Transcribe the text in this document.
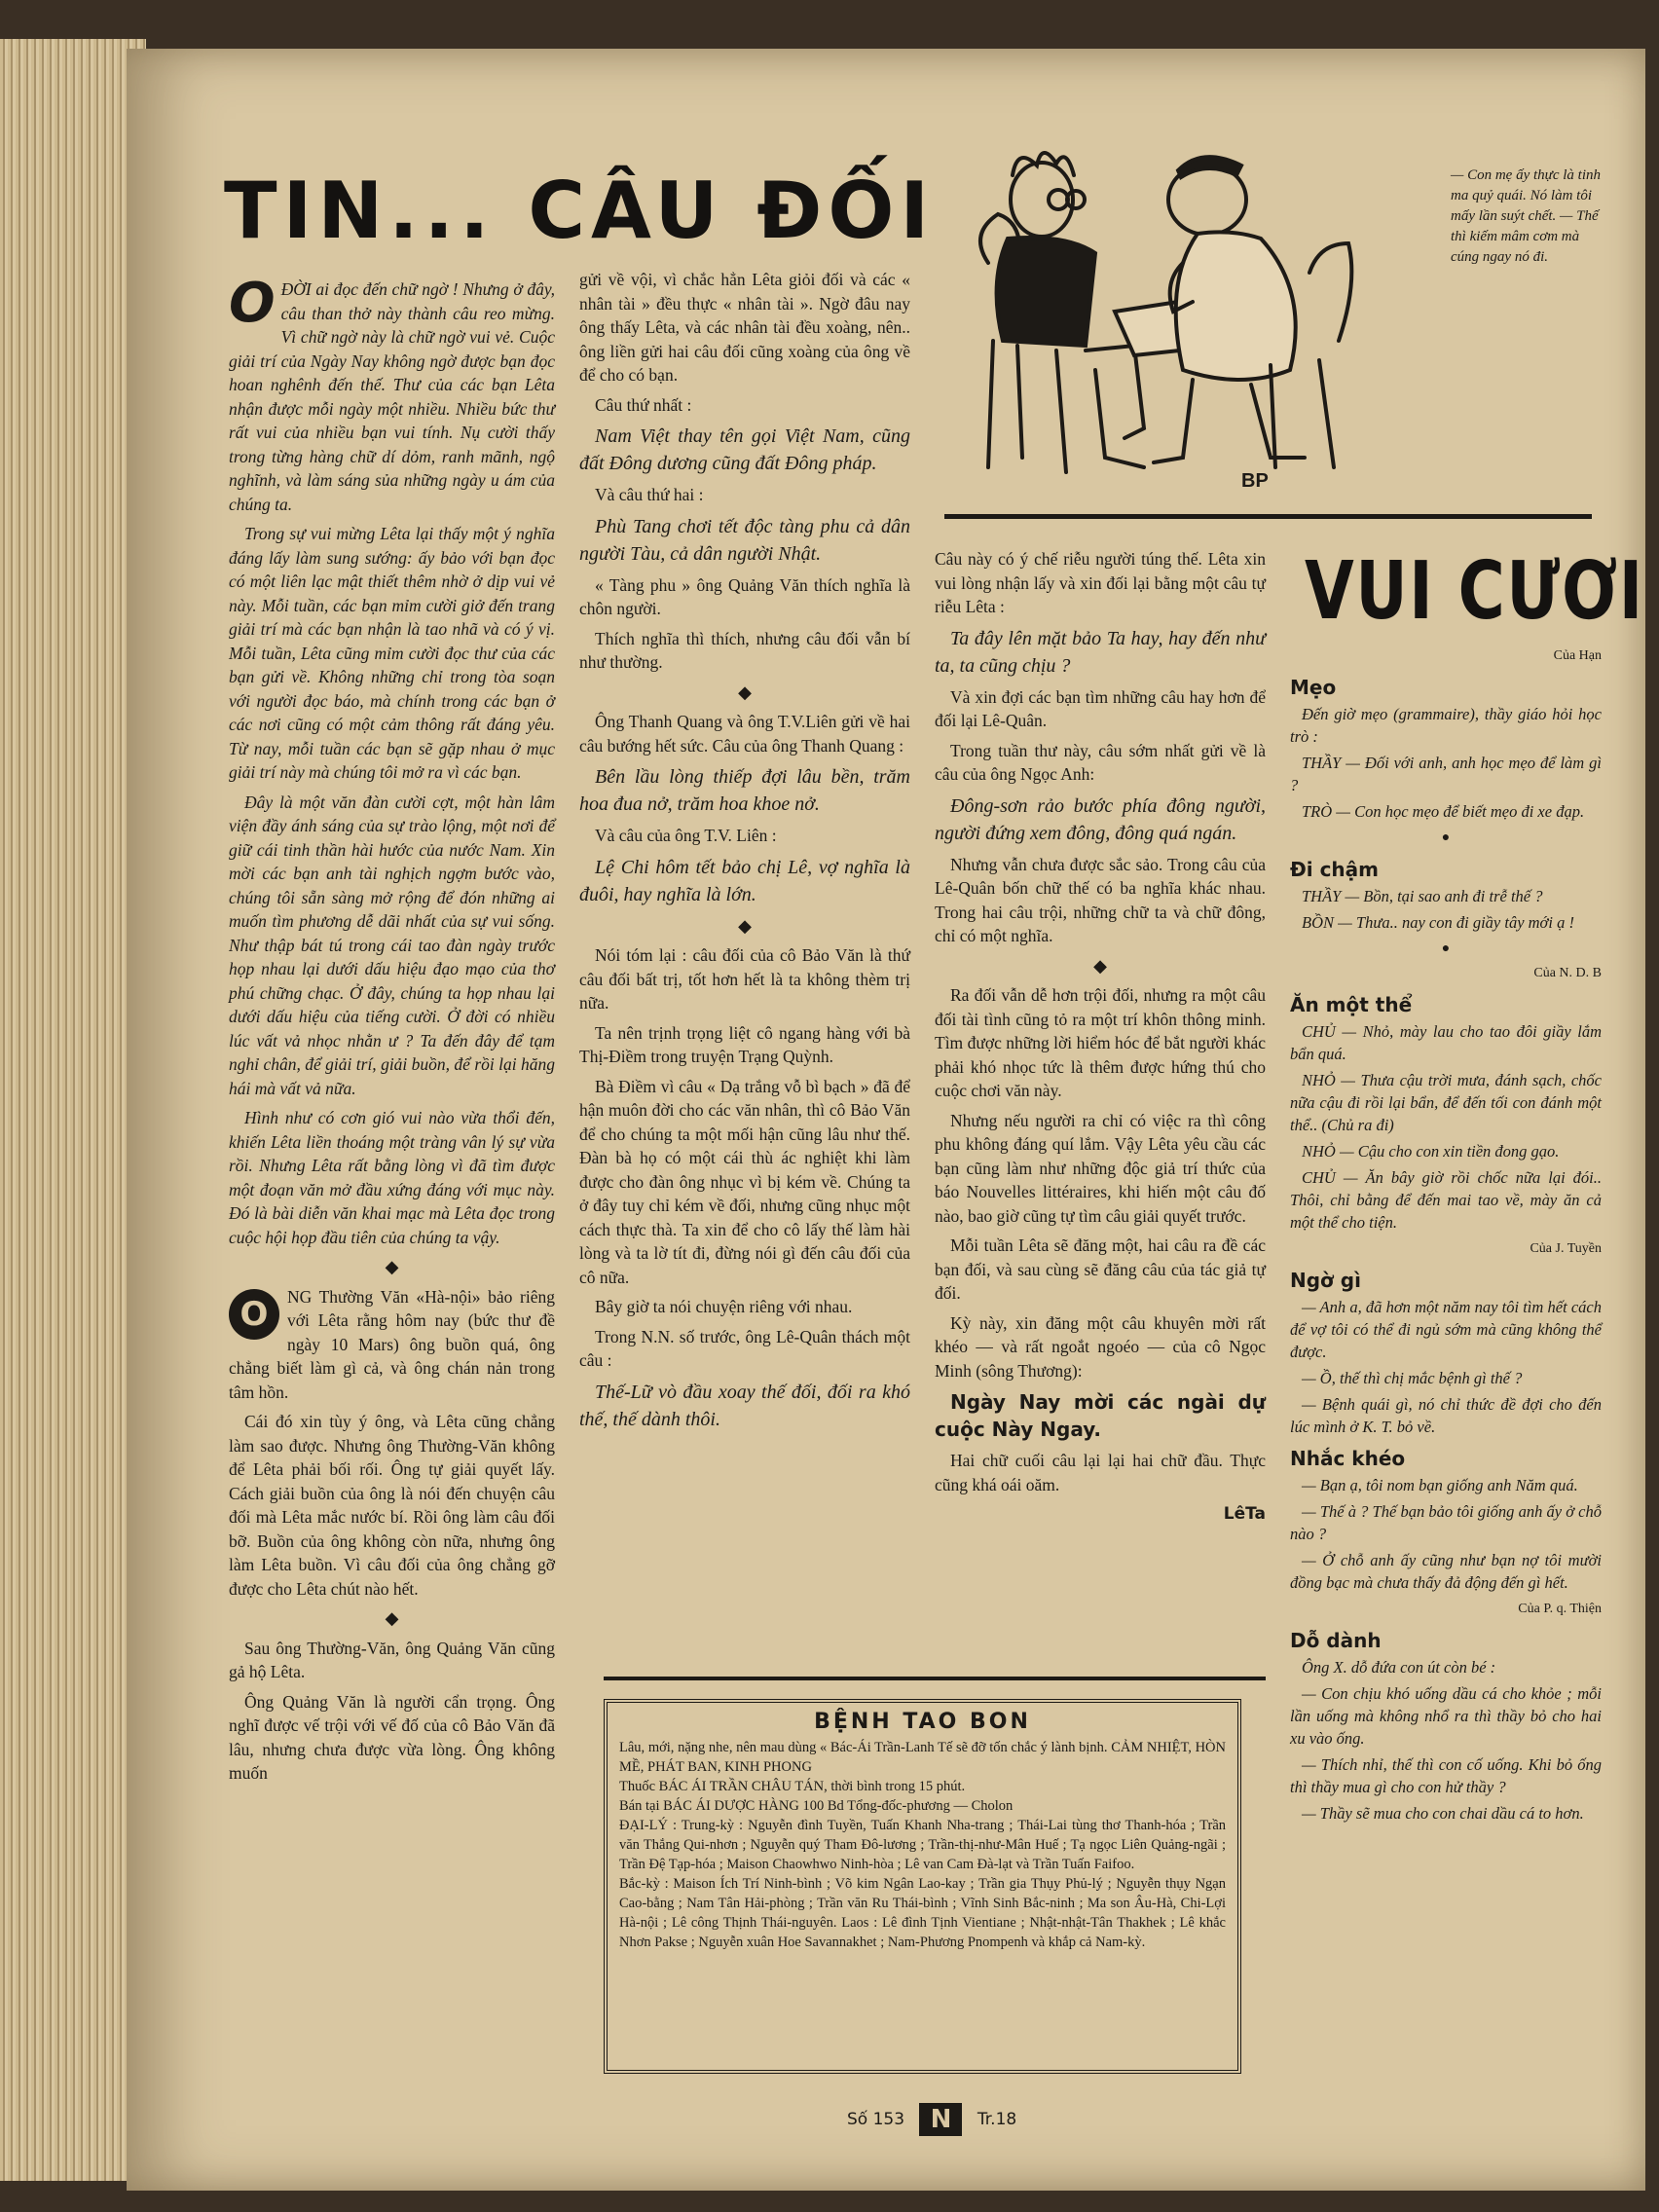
TIN... CÂU ĐỐI

OĐỜI ai đọc đến chữ ngờ ! Nhưng ở đây, câu than thở này thành câu reo mừng. Vì chữ ngờ này là chữ ngờ vui vẻ. Cuộc giải trí của Ngày Nay không ngờ được bạn đọc hoan nghênh đến thế. Thư của các bạn Lêta nhận được mỗi ngày một nhiều. Nhiều bức thư rất vui của nhiều bạn vui tính. Nụ cười thấy trong từng hàng chữ dí dỏm, ranh mãnh, ngộ nghĩnh, và làm sáng sủa những ngày u ám của chúng ta.

Trong sự vui mừng Lêta lại thấy một ý nghĩa đáng lấy làm sung sướng: ấy bảo với bạn đọc có một liên lạc mật thiết thêm nhờ ở dịp vui vẻ này. Mỗi tuần, các bạn mỉm cười giở đến trang giải trí mà các bạn nhận là tao nhã và có ý vị. Mỗi tuần, Lêta cũng mỉm cười đọc thư của các bạn gửi về. Không những chỉ trong tòa soạn với người đọc báo, mà chính trong các bạn ở các nơi cũng có một cảm thông rất đáng yêu. Từ nay, mỗi tuần các bạn sẽ gặp nhau ở mục giải trí này mà chúng tôi mở ra vì các bạn.

Đây là một văn đàn cười cợt, một hàn lâm viện đầy ánh sáng của sự trào lộng, một nơi để giữ cái tinh thần hài hước của nước Nam. Xin mời các bạn anh tài nghịch ngợm bước vào, chúng tôi sẵn sàng mở rộng để đón những ai muốn tìm phương dễ dãi nhất của sự vui sống. Như thập bát tú trong cái tao đàn ngày trước họp nhau lại dưới dấu hiệu đạo mạo của thơ phú chững chạc. Ở đây, chúng ta họp nhau lại dưới dấu hiệu của tiếng cười. Ở đời có nhiều lúc vất vả nhọc nhằn ư ? Ta đến đây để tạm nghỉ chân, để giải trí, giải buồn, để rồi lại hăng hái mà vất vả nữa.

Hình như có cơn gió vui nào vừa thổi đến, khiến Lêta liền thoáng một tràng vân lý sự vừa rồi. Nhưng Lêta rất bằng lòng vì đã tìm được một đoạn văn mở đầu xứng đáng với mục này. Đó là bài diễn văn khai mạc mà Lêta đọc trong cuộc hội họp đầu tiên của chúng ta vậy.

◆

O	NG Thường Văn «Hà-nội» bảo riêng với Lêta rằng hôm nay (bức thư đề ngày 10 Mars) ông buồn quá, ông chẳng biết làm gì cả, và ông chán nản trong tâm hồn.

Cái đó xin tùy ý ông, và Lêta cũng chẳng làm sao được. Nhưng ông Thường-Văn không để Lêta phải bối rối. Ông tự giải quyết lấy. Cách giải buồn của ông là nói đến chuyện câu đối mà Lêta mắc nước bí. Rồi ông làm câu đối bỡ. Buồn của ông không còn nữa, nhưng ông làm Lêta buồn. Vì câu đối của ông chẳng gỡ được cho Lêta chút nào hết.

◆

Sau ông Thường-Văn, ông Quảng Văn cũng gả hộ Lêta.

Ông Quảng Văn là người cẩn trọng. Ông nghĩ được vế trội với vế đố của cô Bảo Văn đã lâu, nhưng chưa được vừa lòng. Ông không muốn

gửi về vội, vì chắc hẳn Lêta giỏi đối và các « nhân tài » đều thực « nhân tài ». Ngờ đâu nay ông thấy Lêta, và các nhân tài đều xoàng, nên.. ông liền gửi hai câu đối cũng xoàng của ông về để cho có bạn.

Câu thứ nhất :

Nam Việt thay tên gọi Việt Nam, cũng đất Đông dương cũng đất Đông pháp.

Và câu thứ hai :

Phù Tang chơi tết độc tàng phu cả dân người Tàu, cả dân người Nhật.

« Tàng phu » ông Quảng Văn thích nghĩa là chôn người.

Thích nghĩa thì thích, nhưng câu đối vẫn bí như thường.

◆

Ông Thanh Quang và ông T.V.Liên gửi về hai câu bướng hết sức. Câu của ông Thanh Quang :

Bên lầu lòng thiếp đợi lâu bền, trăm hoa đua nở, trăm hoa khoe nở.

Và câu của ông T.V. Liên :

Lệ Chi hôm tết bảo chị Lê, vợ nghĩa là đuôi, hay nghĩa là lớn.

◆

Nói tóm lại : câu đối của cô Bảo Văn là thứ câu đối bất trị, tốt hơn hết là ta không thèm trị nữa.

Ta nên trịnh trọng liệt cô ngang hàng với bà Thị-Điềm trong truyện Trạng Quỳnh.

Bà Điềm vì câu « Dạ trắng vỗ bì bạch » đã để hận muôn đời cho các văn nhân, thì cô Bảo Văn để cho chúng ta một mối hận cũng lâu như thế. Đàn bà họ có một cái thù ác nghiệt khi làm được cho đàn ông nhục vì bị kém về. Chúng ta ở đây tuy chỉ kém về đối, nhưng cũng nhục một cách thực thà. Ta xin để cho cô lấy thế làm hài lòng và ta lờ tít đi, đừng nói gì đến câu đối của cô nữa.

Bây giờ ta nói chuyện riêng với nhau.

Trong N.N. số trước, ông Lê-Quân thách một câu :

Thế-Lữ vò đầu xoay thế đối, đối ra khó thế, thế dành thôi.

BP
— Con mẹ ấy thực là tinh ma quỷ quái. Nó làm tôi mấy lần suýt chết. — Thế thì kiếm mâm cơm mà cúng ngay nó đi.

Câu này có ý chế riễu người túng thế. Lêta xin vui lòng nhận lấy và xin đối lại bằng một câu tự riễu Lêta :

Ta đây lên mặt bảo Ta hay, hay đến như ta, ta cũng chịu ?

Và xin đợi các bạn tìm những câu hay hơn để đối lại Lê-Quân.

Trong tuần thư này, câu sớm nhất gửi về là câu của ông Ngọc Anh:

Đông-sơn rảo bước phía đông người, người đứng xem đông, đông quá ngán.

Nhưng vẫn chưa được sắc sảo. Trong câu của Lê-Quân bốn chữ thế có ba nghĩa khác nhau. Trong hai câu trội, những chữ ta và chữ đông, chỉ có một nghĩa.

◆

Ra đối vẫn dễ hơn trội đối, nhưng ra một câu đối tài tình cũng tỏ ra một trí khôn thông minh. Tìm được những lời hiểm hóc để bắt người khác phải khó nhọc tức là thêm được hứng thú cho cuộc chơi văn này.

Nhưng nếu người ra chỉ có việc ra thì công phu không đáng quí lắm. Vậy Lêta yêu cầu các bạn cũng làm như những độc giả trí thức của báo Nouvelles littéraires, khi hiến một câu đố nào, bao giờ cũng tự tìm câu giải quyết trước.

Mỗi tuần Lêta sẽ đăng một, hai câu ra đề các bạn đối, và sau cùng sẽ đăng câu của tác giả tự đối.

Kỳ này, xin đăng một câu khuyên mời rất khéo — và rất ngoắt ngoéo — của cô Ngọc Minh (sông Thương):

Ngày Nay mời các ngài dự cuộc Này Ngay.

Hai chữ cuối câu lại lại hai chữ đầu. Thực cũng khá oái oăm.

LêTa
VUI CƯƠI
Của Hạn
Mẹo

Đến giờ mẹo (grammaire), thầy giáo hỏi học trò :

THẦY — Đối với anh, anh học mẹo để làm gì ?

TRÒ — Con học mẹo để biết mẹo đi xe đạp.

●
Đi chậm

THẦY — Bồn, tại sao anh đi trễ thế ?

BỒN — Thưa.. nay con đi giầy tây mới ạ !

●
Của N. D. B
Ăn một thể

CHỦ — Nhỏ, mày lau cho tao đôi giầy lắm bẩn quá.

NHỎ — Thưa cậu trời mưa, đánh sạch, chốc nữa cậu đi rồi lại bẩn, để đến tối con đánh một thể.. (Chủ ra đi)

NHỎ — Cậu cho con xin tiền đong gạo.

CHỦ — Ăn bây giờ rồi chốc nữa lại đói.. Thôi, chỉ bằng để đến mai tao về, mày ăn cả một thể cho tiện.

Của J. Tuyền
Ngờ gì

— Anh a, đã hơn một năm nay tôi tìm hết cách để vợ tôi có thể đi ngủ sớm mà cũng không thể được.

— Ồ, thế thì chị mắc bệnh gì thế ?

— Bệnh quái gì, nó chỉ thức đề đợi cho đến lúc mình ở K. T. bỏ về.

Nhắc khéo

— Bạn ạ, tôi nom bạn giống anh Năm quá.

— Thế à ? Thế bạn bảo tôi giống anh ấy ở chỗ nào ?

— Ở chỗ anh ấy cũng như bạn nợ tôi mười đồng bạc mà chưa thấy đả động đến gì hết.

Của P. q. Thiện
Dỗ dành

Ông X. dỗ đứa con út còn bé :

— Con chịu khó uống dầu cá cho khỏe ; mỗi lần uống mà không nhổ ra thì thầy bỏ cho hai xu vào ống.

— Thích nhỉ, thế thì con cố uống. Khi bỏ ống thì thầy mua gì cho con hử thầy ?

— Thầy sẽ mua cho con chai dầu cá to hơn.

BỆNH TAO BON

Lâu, mới, nặng nhe, nên mau dùng « Bác-Ái Trần-Lanh Tế sẽ đỡ tốn chắc ý lành bịnh. CẢM NHIỆT, HÒN MỀ, PHÁT BAN, KINH PHONG

Thuốc BÁC ÁI TRẦN CHÂU TÁN, thời bình trong 15 phút.

Bán tại BÁC ÁI DƯỢC HÀNG 100 Bd Tổng-đốc-phương — Cholon

ĐẠI-LÝ : Trung-kỳ : Nguyễn đình Tuyền, Tuấn Khanh Nha-trang ; Thái-Lai tùng thơ Thanh-hóa ; Trần văn Thắng Qui-nhơn ; Nguyễn quý Tham Đô-lương ; Trần-thị-như-Mân Huế ; Tạ ngọc Liên Quảng-ngãi ; Trần Đệ Tạp-hóa ; Maison Chaowhwo Ninh-hòa ; Lê van Cam Đà-lạt và Trần Tuấn Faifoo.

Bắc-kỳ : Maison Ích Trí Ninh-bình ; Võ kim Ngân Lao-kay ; Trần gia Thụy Phủ-lý ; Nguyễn thụy Ngạn Cao-bằng ; Nam Tân Hải-phòng ; Trần văn Ru Thái-bình ; Vĩnh Sinh Bắc-ninh ; Ma son Âu-Hà, Chi-Lợi Hà-nội ; Lê công Thịnh Thái-nguyên. Laos : Lê đình Tịnh Vientiane ; Nhật-nhật-Tân Thakhek ; Lê khắc Nhơn Pakse ; Nguyễn xuân Hoe Savannakhet ; Nam-Phương Pnompenh và khắp cả Nam-kỳ.

Số 153 N Tr.18
